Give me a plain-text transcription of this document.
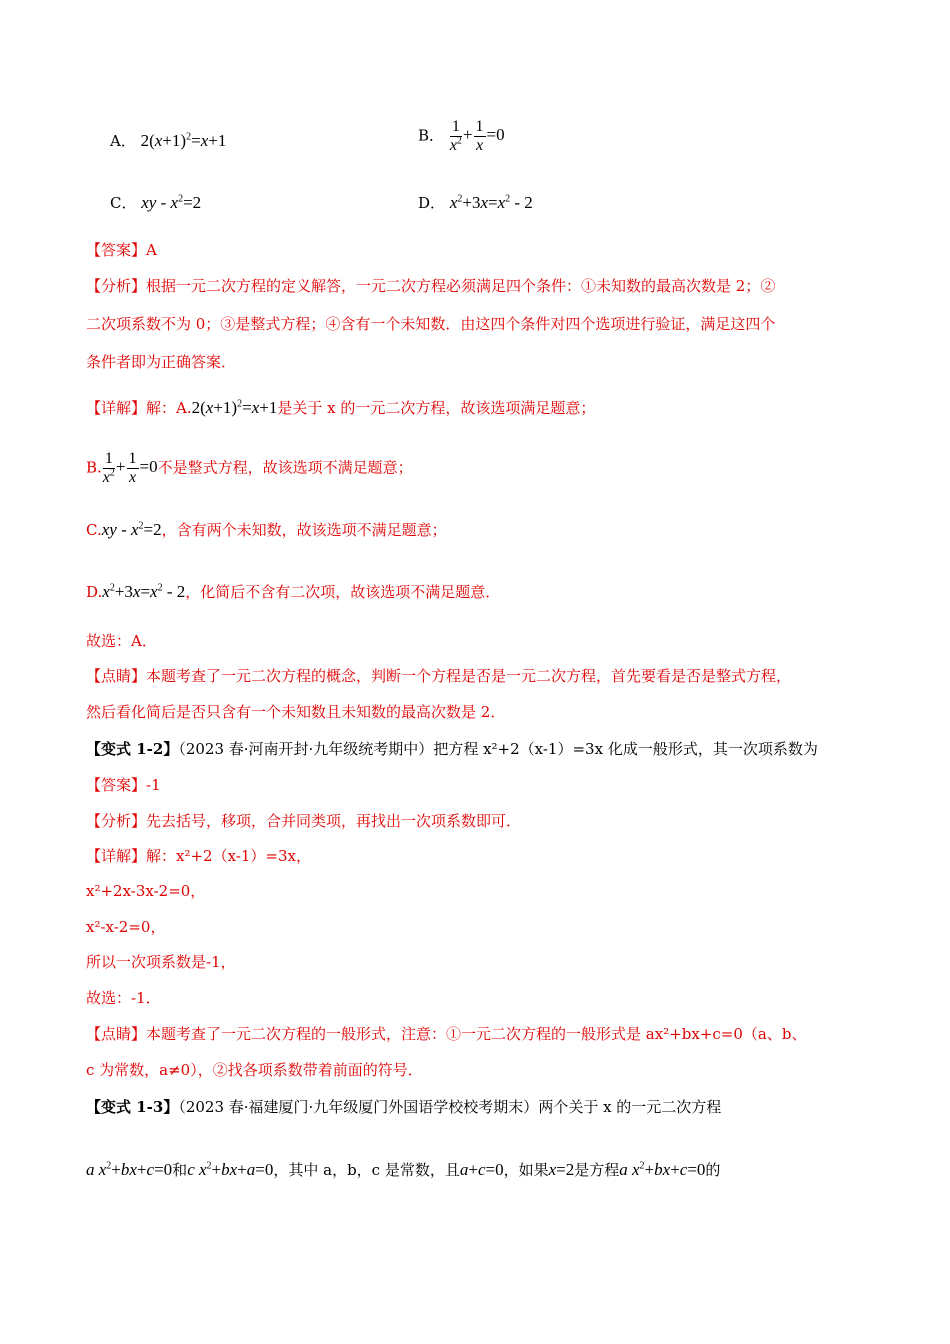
A． $2(x+1)^2=x+1$	B． $\frac{1}{x^2} + \frac{1}{x} =0$
C． xy - $x^2=2$	D． $x^2+3x=x^2 - 2$
【答案】A
【分析】根据一元二次方程的定义解答，一元二次方程必须满足四个条件：①未知数的最高次数是 2；②
二次项系数不为 0；③是整式方程；④含有一个未知数．由这四个条件对四个选项进行验证，满足这四个
条件者即为正确答案．
【详解】解：$A.2(x+1)^2=x+1$是关于 x 的一元二次方程，故该选项满足题意；
B. $\frac{1}{x^2} + \frac{1}{x} =0$不是整式方程，故该选项不满足题意；
$C.xy - x^2=2$，含有两个未知数，故该选项不满足题意；
$D.x^2+3x=x^2 - 2$，化简后不含有二次项，故该选项不满足题意．
故选：A．
【点睛】本题考查了一元二次方程的概念，判断一个方程是否是一元二次方程，首先要看是否是整式方程，
然后看化简后是否只含有一个未知数且未知数的最高次数是 2．
【变式 1-2】（2023 春·河南开封·九年级统考期中）把方程 x²+2（x-1）=3x 化成一般形式，其一次项系数为
【答案】-1
【分析】先去括号，移项，合并同类项，再找出一次项系数即可．
【详解】解：x²+2（x-1）=3x，
x²+2x-3x-2=0，
x²-x-2=0，
所以一次项系数是-1，
故选：-1．
【点睛】本题考查了一元二次方程的一般形式，注意：①一元二次方程的一般形式是 ax²+bx+c=0（a、b、
c 为常数，a≠0），②找各项系数带着前面的符号．
【变式 1-3】（2023 春·福建厦门·九年级厦门外国语学校校考期末）两个关于 x 的一元二次方程
a $x^2+bx+c=0$和c $x^2+bx+a=0$，其中 a，b，c 是常数，且a+c=0，如果x=2是方程a $x^2+bx+c=0$的
